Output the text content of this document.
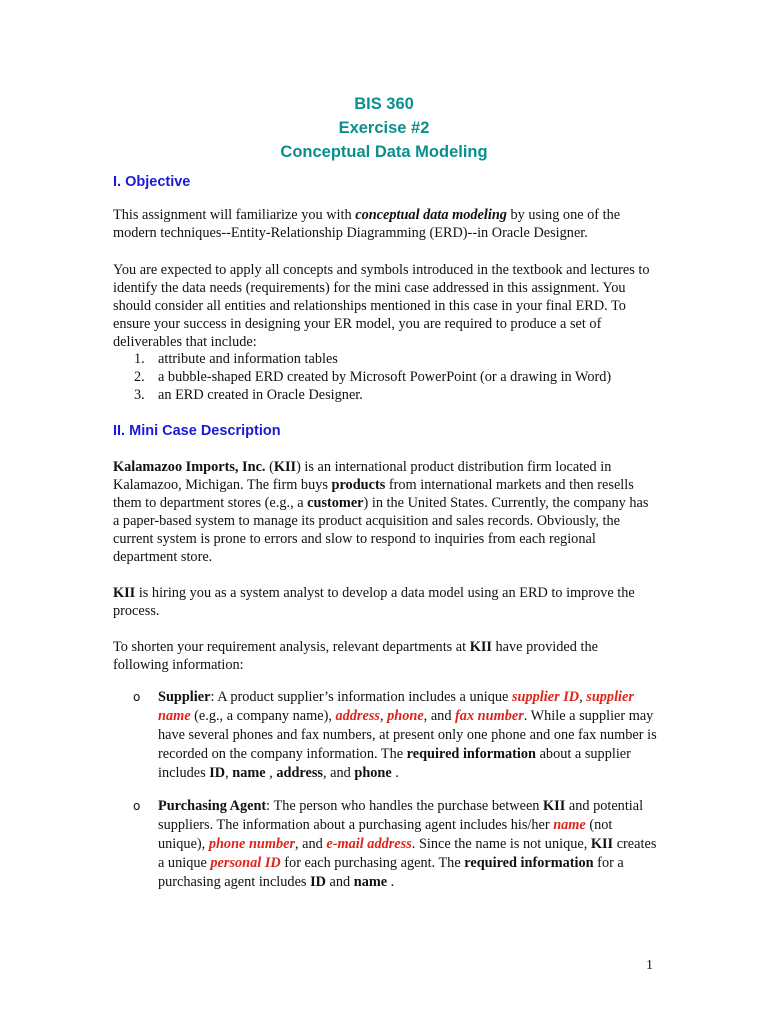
BIS 360
Exercise #2
Conceptual Data Modeling
I. Objective

This assignment will familiarize you with conceptual data modeling by using one of the modern techniques--Entity-Relationship Diagramming (ERD)--in Oracle Designer.

You are expected to apply all concepts and symbols introduced in the textbook and lectures to identify the data needs (requirements) for the mini case addressed in this assignment. You should consider all entities and relationships mentioned in this case in your final ERD. To ensure your success in designing your ER model, you are required to produce a set of deliverables that include:

1. attribute and information tables
2. a bubble-shaped ERD created by Microsoft PowerPoint (or a drawing in Word)
3. an ERD created in Oracle Designer.
II. Mini Case Description

Kalamazoo Imports, Inc. (KII) is an international product distribution firm located in Kalamazoo, Michigan. The firm buys products from international markets and then resells them to department stores (e.g., a customer) in the United States. Currently, the company has a paper-based system to manage its product acquisition and sales records. Obviously, the current system is prone to errors and slow to respond to inquiries from each regional department store.

KII is hiring you as a system analyst to develop a data model using an ERD to improve the process.

To shorten your requirement analysis, relevant departments at KII have provided the following information:

o Supplier: A product supplier’s information includes a unique supplier ID, supplier name (e.g., a company name), address, phone, and fax number. While a supplier may have several phones and fax numbers, at present only one phone and one fax number is recorded on the company information. The required information about a supplier includes ID, name , address, and phone .
o Purchasing Agent: The person who handles the purchase between KII and potential suppliers. The information about a purchasing agent includes his/her name (not unique), phone number, and e-mail address. Since the name is not unique, KII creates a unique personal ID for each purchasing agent. The required information for a purchasing agent includes ID and name .
1
